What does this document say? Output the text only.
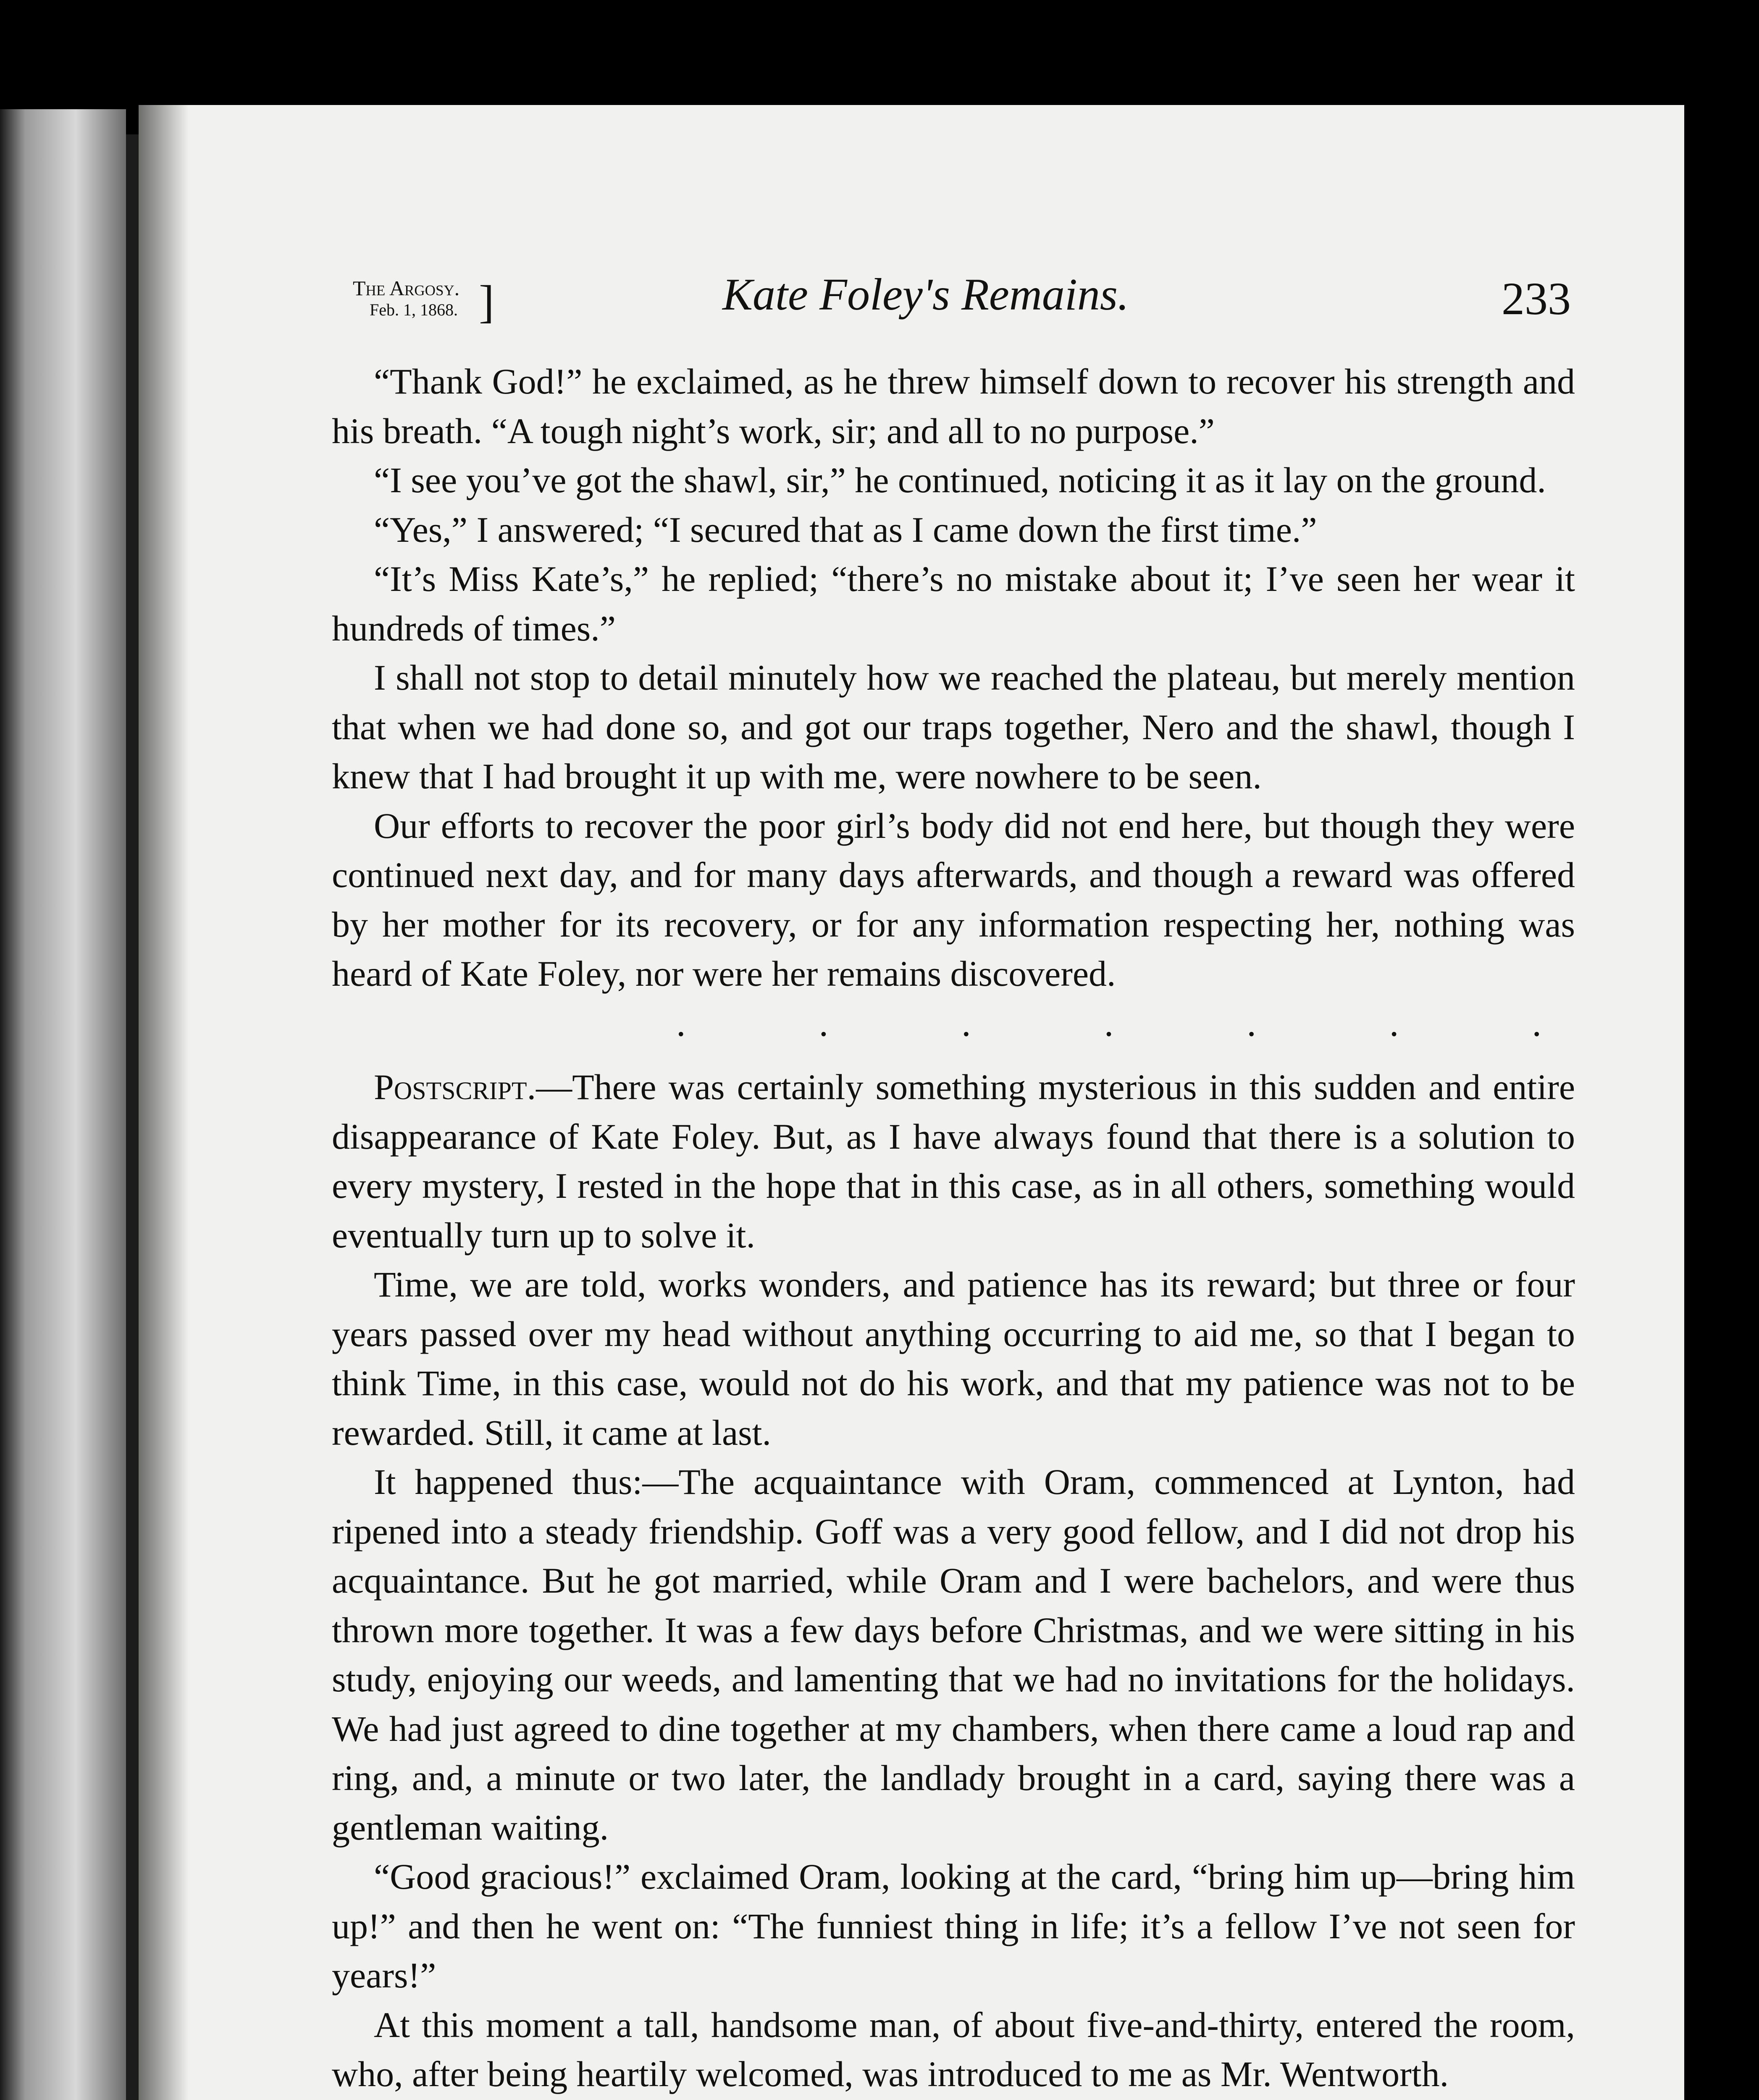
The Argosy.
Feb. 1, 1868. ]	Kate Foley's Remains.	233

“Thank God!” he exclaimed, as he threw himself down to recover his strength and his breath. “A tough night’s work, sir; and all to no purpose.”

“I see you’ve got the shawl, sir,” he continued, noticing it as it lay on the ground.

“Yes,” I answered; “I secured that as I came down the first time.”

“It’s Miss Kate’s,” he replied; “there’s no mistake about it; I’ve seen her wear it hundreds of times.”

I shall not stop to detail minutely how we reached the plateau, but merely mention that when we had done so, and got our traps together, Nero and the shawl, though I knew that I had brought it up with me, were nowhere to be seen.

Our efforts to recover the poor girl’s body did not end here, but though they were continued next day, and for many days afterwards, and though a reward was offered by her mother for its recovery, or for any information respecting her, nothing was heard of Kate Foley, nor were her remains discovered.

.	.	.	.	.	.	.

Postscript.—There was certainly something mysterious in this sudden and entire disappearance of Kate Foley. But, as I have always found that there is a solution to every mystery, I rested in the hope that in this case, as in all others, something would eventually turn up to solve it.

Time, we are told, works wonders, and patience has its reward; but three or four years passed over my head without anything occurring to aid me, so that I began to think Time, in this case, would not do his work, and that my patience was not to be rewarded. Still, it came at last.

It happened thus:—The acquaintance with Oram, commenced at Lynton, had ripened into a steady friendship. Goff was a very good fellow, and I did not drop his acquaintance. But he got married, while Oram and I were bachelors, and were thus thrown more together. It was a few days before Christmas, and we were sitting in his study, enjoying our weeds, and lamenting that we had no invitations for the holidays. We had just agreed to dine together at my chambers, when there came a loud rap and ring, and, a minute or two later, the landlady brought in a card, saying there was a gentleman waiting.

“Good gracious!” exclaimed Oram, looking at the card, “bring him up—bring him up!” and then he went on: “The funniest thing in life; it’s a fellow I’ve not seen for years!”

At this moment a tall, handsome man, of about five-and-thirty, entered the room, who, after being heartily welcomed, was introduced to me as Mr. Wentworth.
